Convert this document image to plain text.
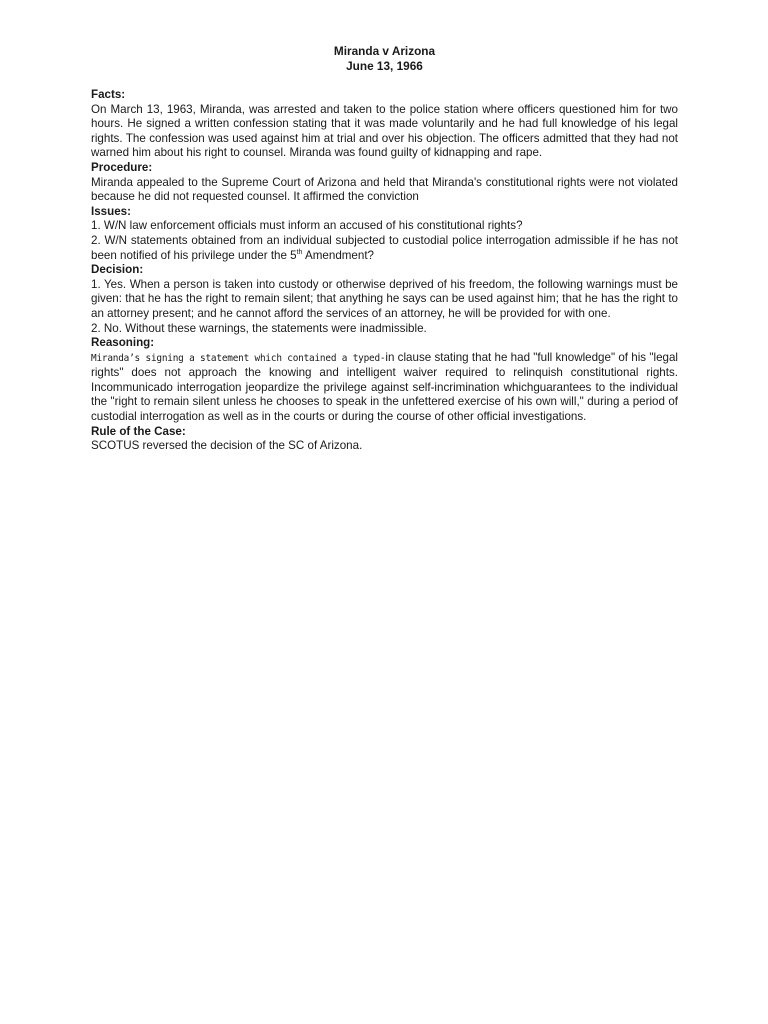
Miranda v Arizona
June 13, 1966
Facts:
On March 13, 1963, Miranda, was arrested and taken to the police station where officers questioned him for two hours. He signed a written confession stating that it was made voluntarily and he had full knowledge of his legal rights. The confession was used against him at trial and over his objection. The officers admitted that they had not warned him about his right to counsel. Miranda was found guilty of kidnapping and rape.
Procedure:
Miranda appealed to the Supreme Court of Arizona and held that Miranda's constitutional rights were not violated because he did not requested counsel. It affirmed the conviction
Issues:
1. W/N law enforcement officials must inform an accused of his constitutional rights?
2. W/N statements obtained from an individual subjected to custodial police interrogation admissible if he has not been notified of his privilege under the 5th Amendment?
Decision:
1. Yes. When a person is taken into custody or otherwise deprived of his freedom, the following warnings must be given: that he has the right to remain silent; that anything he says can be used against him; that he has the right to an attorney present; and he cannot afford the services of an attorney, he will be provided for with one.
2. No. Without these warnings, the statements were inadmissible.
Reasoning:
Miranda’s signing a statement which contained a typed-in clause stating that he had "full knowledge" of his "legal rights" does not approach the knowing and intelligent waiver required to relinquish constitutional rights. Incommunicado interrogation jeopardize the privilege against self-incrimination whichguarantees to the individual the "right to remain silent unless he chooses to speak in the unfettered exercise of his own will," during a period of custodial interrogation as well as in the courts or during the course of other official investigations.
Rule of the Case:
SCOTUS reversed the decision of the SC of Arizona.
